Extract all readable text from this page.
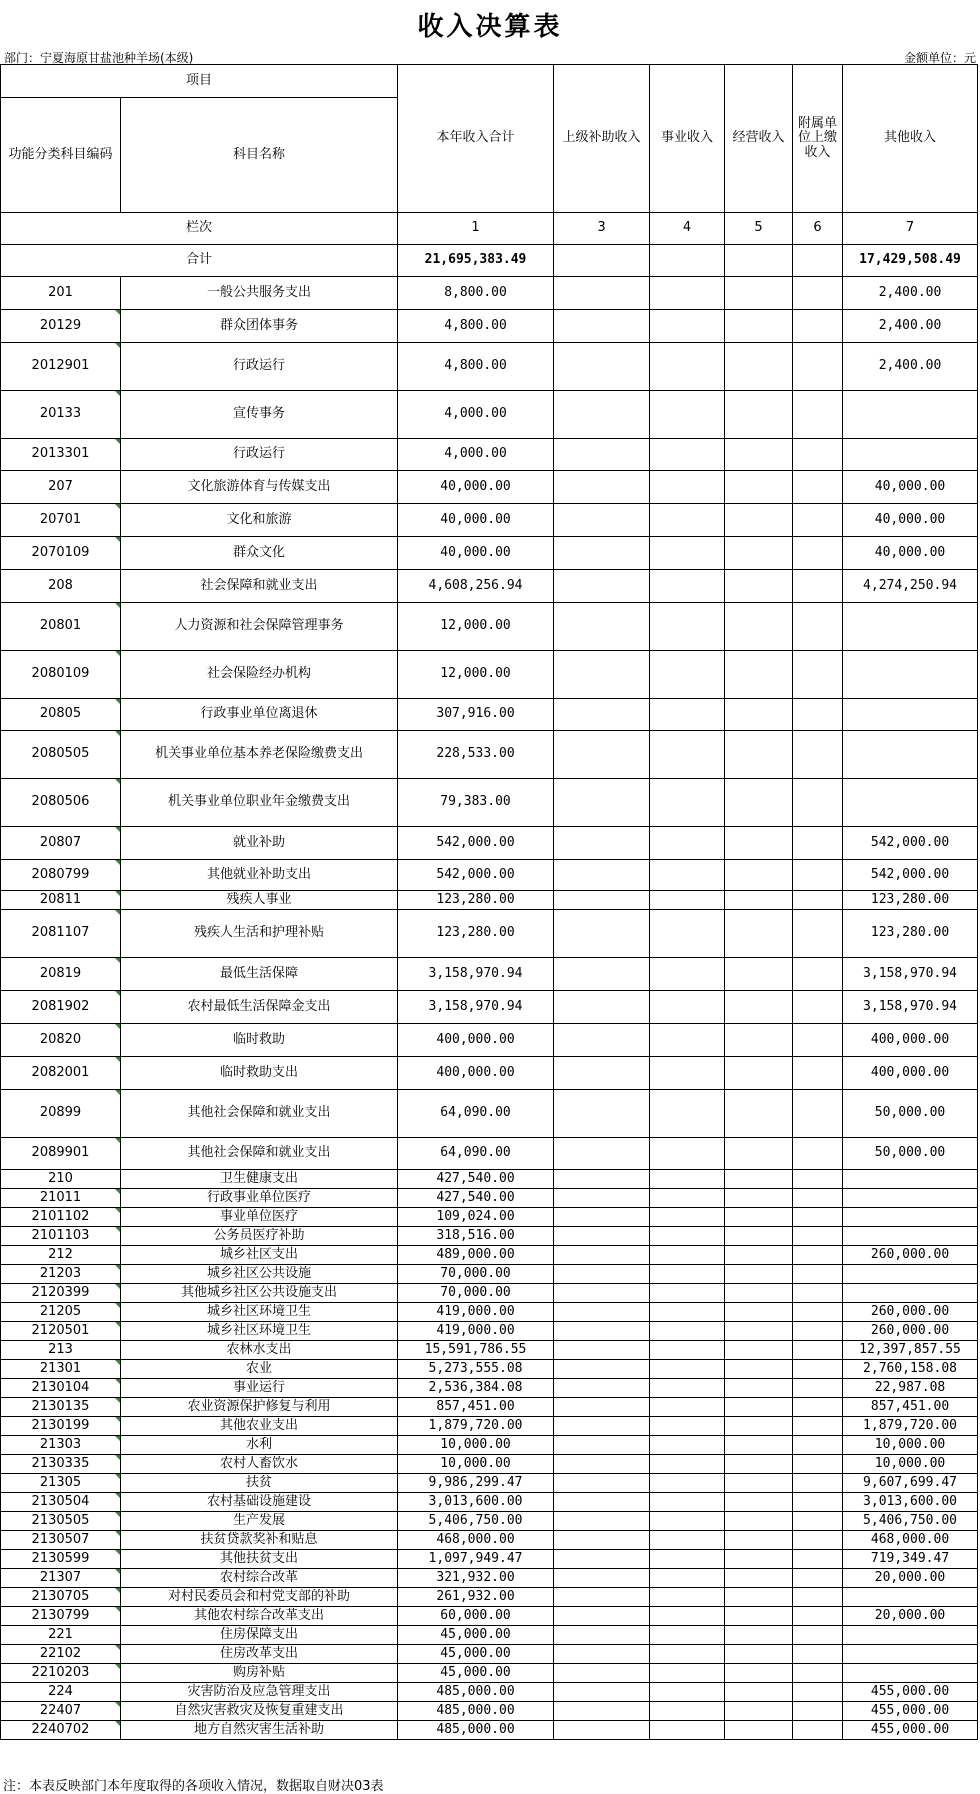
收入决算表
部门：宁夏海原甘盐池种羊场(本级)	金额单位：元
项目		本年收入合计	上级补助收入	事业收入	经营收入	附属单位上缴收入	其他收入
功能分类科目编码	科目名称						
栏次		1	3	4	5	6	7
合计		21,695,383.49					17,429,508.49
201	一般公共服务支出	8,800.00					2,400.00
20129	群众团体事务	4,800.00					2,400.00
2012901	行政运行	4,800.00					2,400.00
20133	宣传事务	4,000.00					
2013301	行政运行	4,000.00					
207	文化旅游体育与传媒支出	40,000.00					40,000.00
20701	文化和旅游	40,000.00					40,000.00
2070109	群众文化	40,000.00					40,000.00
208	社会保障和就业支出	4,608,256.94					4,274,250.94
20801	人力资源和社会保障管理事务	12,000.00					
2080109	社会保险经办机构	12,000.00					
20805	行政事业单位离退休	307,916.00					
2080505	机关事业单位基本养老保险缴费支出	228,533.00					
2080506	机关事业单位职业年金缴费支出	79,383.00					
20807	就业补助	542,000.00					542,000.00
2080799	其他就业补助支出	542,000.00					542,000.00
20811	残疾人事业	123,280.00					123,280.00
2081107	残疾人生活和护理补贴	123,280.00					123,280.00
20819	最低生活保障	3,158,970.94					3,158,970.94
2081902	农村最低生活保障金支出	3,158,970.94					3,158,970.94
20820	临时救助	400,000.00					400,000.00
2082001	临时救助支出	400,000.00					400,000.00
20899	其他社会保障和就业支出	64,090.00					50,000.00
2089901	其他社会保障和就业支出	64,090.00					50,000.00
210	卫生健康支出	427,540.00					
21011	行政事业单位医疗	427,540.00					
2101102	事业单位医疗	109,024.00					
2101103	公务员医疗补助	318,516.00					
212	城乡社区支出	489,000.00					260,000.00
21203	城乡社区公共设施	70,000.00					
2120399	其他城乡社区公共设施支出	70,000.00					
21205	城乡社区环境卫生	419,000.00					260,000.00
2120501	城乡社区环境卫生	419,000.00					260,000.00
213	农林水支出	15,591,786.55					12,397,857.55
21301	农业	5,273,555.08					2,760,158.08
2130104	事业运行	2,536,384.08					22,987.08
2130135	农业资源保护修复与利用	857,451.00					857,451.00
2130199	其他农业支出	1,879,720.00					1,879,720.00
21303	水利	10,000.00					10,000.00
2130335	农村人畜饮水	10,000.00					10,000.00
21305	扶贫	9,986,299.47					9,607,699.47
2130504	农村基础设施建设	3,013,600.00					3,013,600.00
2130505	生产发展	5,406,750.00					5,406,750.00
2130507	扶贫贷款奖补和贴息	468,000.00					468,000.00
2130599	其他扶贫支出	1,097,949.47					719,349.47
21307	农村综合改革	321,932.00					20,000.00
2130705	对村民委员会和村党支部的补助	261,932.00					
2130799	其他农村综合改革支出	60,000.00					20,000.00
221	住房保障支出	45,000.00					
22102	住房改革支出	45,000.00					
2210203	购房补贴	45,000.00					
224	灾害防治及应急管理支出	485,000.00					455,000.00
22407	自然灾害救灾及恢复重建支出	485,000.00					455,000.00
2240702	地方自然灾害生活补助	485,000.00					455,000.00
注：本表反映部门本年度取得的各项收入情况，数据取自财决03表
